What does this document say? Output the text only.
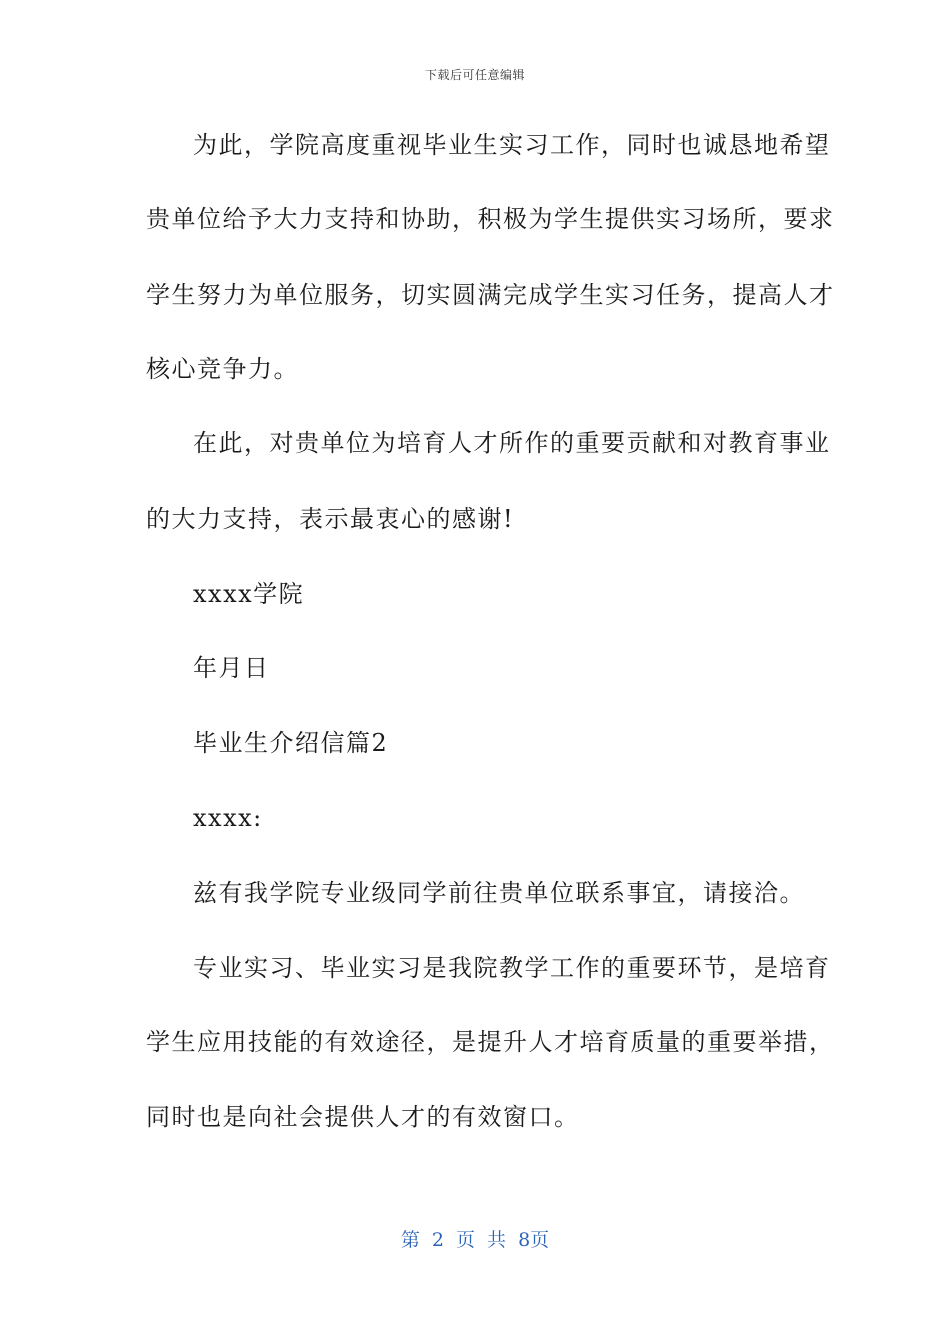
下载后可任意编辑
为此，学院高度重视毕业生实习工作，同时也诚恳地希望
贵单位给予大力支持和协助，积极为学生提供实习场所，要求
学生努力为单位服务，切实圆满完成学生实习任务，提高人才
核心竞争力。
在此，对贵单位为培育人才所作的重要贡献和对教育事业
的大力支持，表示最衷心的感谢!
xxxx学院
年月日
毕业生介绍信篇2
xxxx:
兹有我学院专业级同学前往贵单位联系事宜，请接洽。
专业实习、毕业实习是我院教学工作的重要环节，是培育
学生应用技能的有效途径，是提升人才培育质量的重要举措，
同时也是向社会提供人才的有效窗口。
第 2 页 共 8页
